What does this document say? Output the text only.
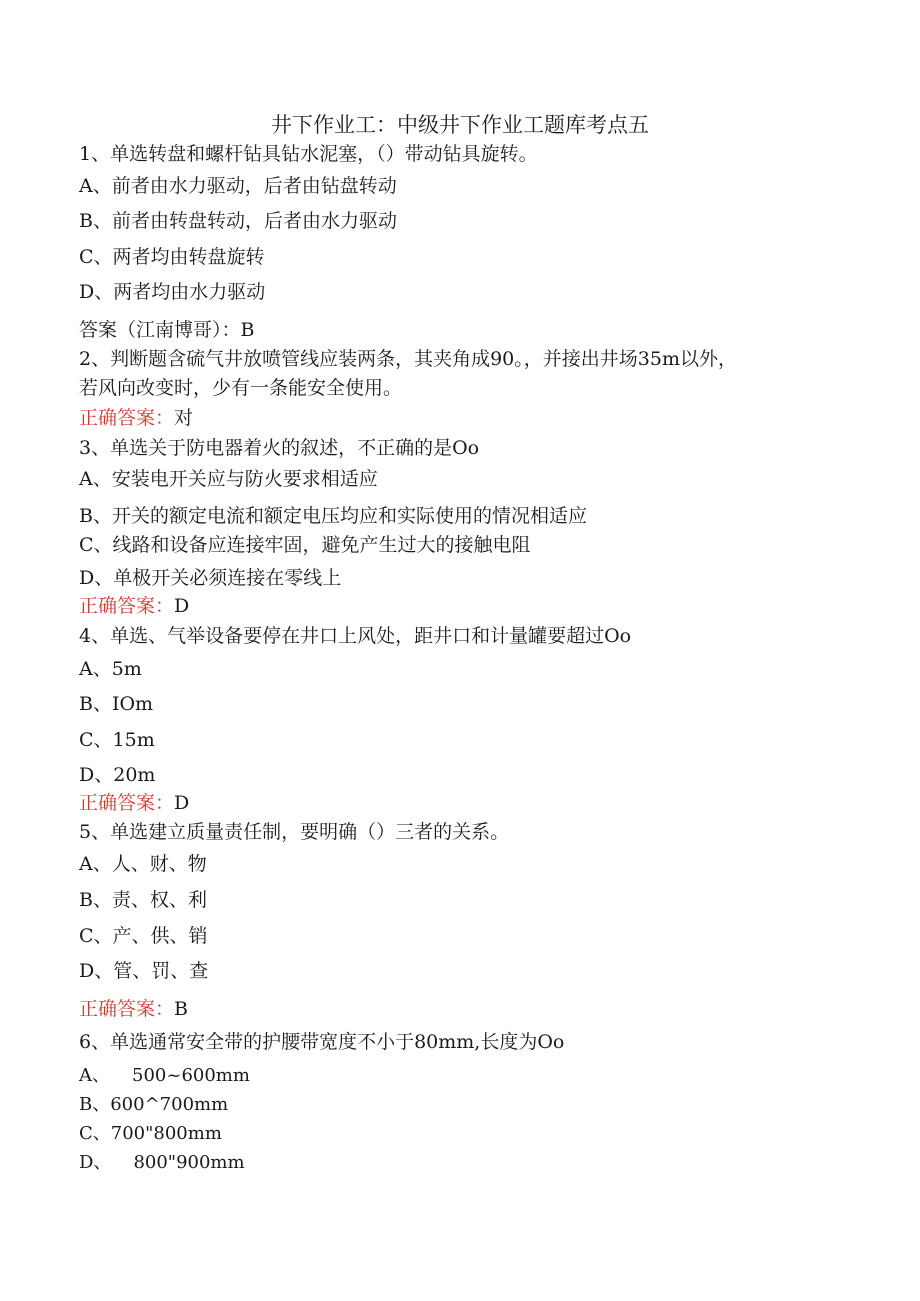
井下作业工：中级井下作业工题库考点五
1、单选转盘和螺杆钻具钻水泥塞，（）带动钻具旋转。
A、前者由水力驱动，后者由钻盘转动
B、前者由转盘转动，后者由水力驱动
C、两者均由转盘旋转
D、两者均由水力驱动
答案（江南博哥）：B
2、判断题含硫气井放喷管线应装两条，其夹角成90。，并接出井场35m以外，
若风向改变时，少有一条能安全使用。
正确答案：对
3、单选关于防电器着火的叙述，不正确的是Oo
A、安装电开关应与防火要求相适应
B、开关的额定电流和额定电压均应和实际使用的情况相适应
C、线路和设备应连接牢固，避免产生过大的接触电阻
D、单极开关必须连接在零线上
正确答案：D
4、单选、气举设备要停在井口上风处，距井口和计量罐要超过Oo
A、5m
B、IOm
C、15m
D、20m
正确答案：D
5、单选建立质量责任制，要明确（）三者的关系。
A、人、财、物
B、责、权、利
C、产、供、销
D、管、罚、查
正确答案：B
6、单选通常安全带的护腰带宽度不小于80mm,长度为Oo
A、 500~600mm
B、600^700mm
C、700"800mm
D、 800"900mm
